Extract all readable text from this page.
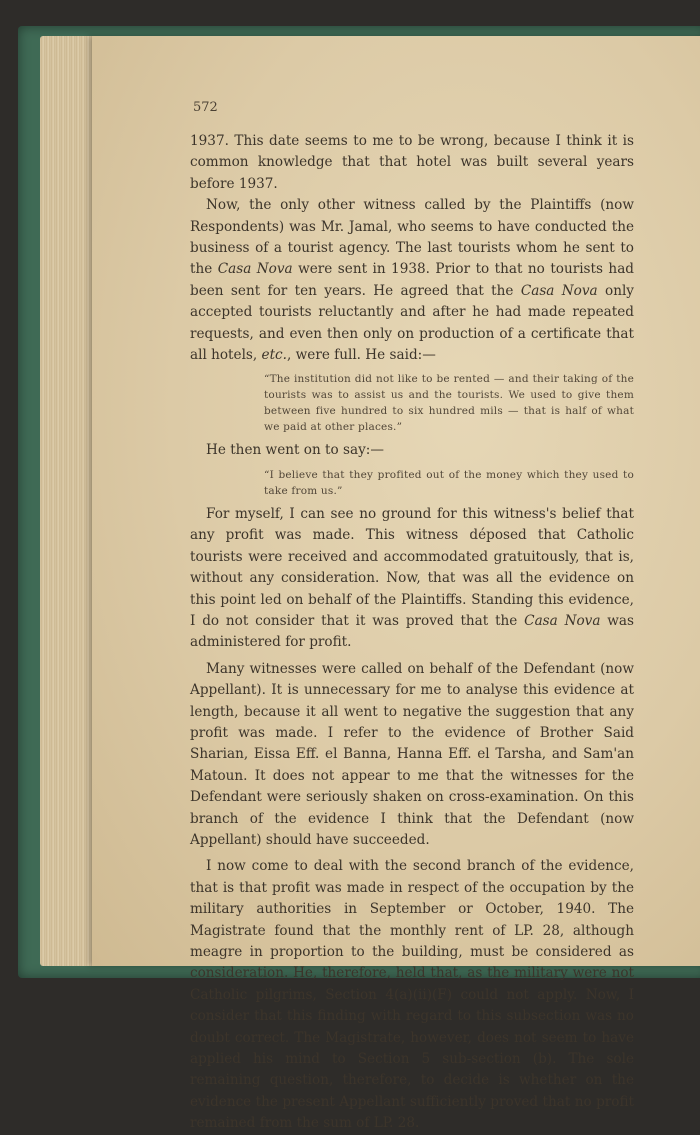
572

1937. This date seems to me to be wrong, because I think it is common knowledge that that hotel was built several years before 1937.

Now, the only other witness called by the Plaintiffs (now Respondents) was Mr. Jamal, who seems to have conducted the business of a tourist agency. The last tourists whom he sent to the Casa Nova were sent in 1938. Prior to that no tourists had been sent for ten years. He agreed that the Casa Nova only accepted tourists reluctantly and after he had made repeated requests, and even then only on production of a certificate that all hotels, etc., were full. He said:—

“The institution did not like to be rented — and their taking of the tourists was to assist us and the tourists. We used to give them between five hundred to six hundred mils — that is half of what we paid at other places.”

He then went on to say:—

“I believe that they profited out of the money which they used to take from us.”

For myself, I can see no ground for this witness's belief that any profit was made. This witness déposed that Catholic tourists were received and accommodated gratuitously, that is, without any consideration. Now, that was all the evidence on this point led on behalf of the Plaintiffs. Standing this evidence, I do not consider that it was proved that the Casa Nova was administered for profit.

Many witnesses were called on behalf of the Defendant (now Appellant). It is unnecessary for me to analyse this evidence at length, because it all went to negative the suggestion that any profit was made. I refer to the evidence of Brother Said Sharian, Eissa Eff. el Banna, Hanna Eff. el Tarsha, and Sam'an Matoun. It does not appear to me that the witnesses for the Defendant were seriously shaken on cross-examination. On this branch of the evidence I think that the Defendant (now Appellant) should have succeeded.

I now come to deal with the second branch of the evidence, that is that profit was made in respect of the occupation by the military authorities in September or October, 1940. The Magistrate found that the monthly rent of LP. 28, although meagre in proportion to the building, must be considered as consideration. He, therefore, held that, as the military were not Catholic pilgrims, Section 4(a)(ii)(F) could not apply. Now, I consider that this finding with regard to this subsection was no doubt correct. The Magistrate, however, does not seem to have applied his mind to Section 5 sub-section (b). The sole remaining question, therefore, to decide is whether on the evidence the present Appellant sufficiently proved that no profit remained from the sum of LP. 28.
